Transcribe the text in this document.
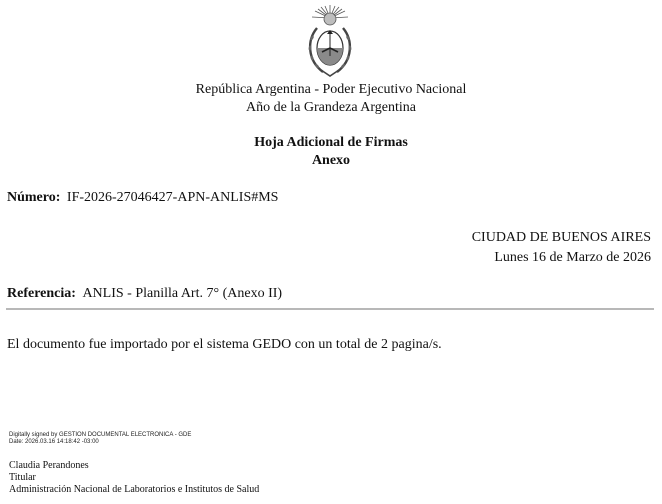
República Argentina - Poder Ejecutivo Nacional
Año de la Grandeza Argentina
Hoja Adicional de Firmas
Anexo
Número: IF-2026-27046427-APN-ANLIS#MS
CIUDAD DE BUENOS AIRES
Lunes 16 de Marzo de 2026
Referencia: ANLIS - Planilla Art. 7° (Anexo II)
El documento fue importado por el sistema GEDO con un total de 2 pagina/s.
Digitally signed by GESTION DOCUMENTAL ELECTRONICA - GDE
Date: 2026.03.16 14:18:42 -03:00
Claudia Perandones
Titular
Administración Nacional de Laboratorios e Institutos de Salud
